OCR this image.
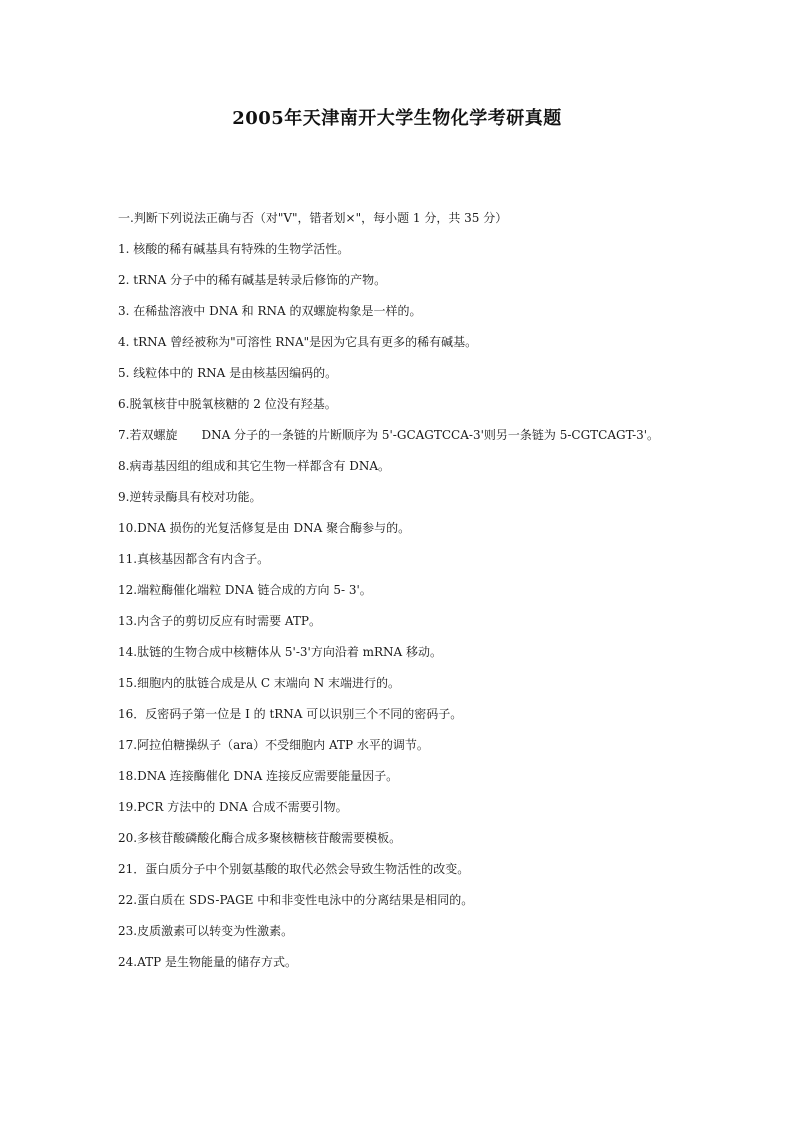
2005年天津南开大学生物化学考研真题
一.判断下列说法正确与否（对"V"，错者划×"，每小题 1 分，共 35 分）
1. 核酸的稀有碱基具有特殊的生物学活性。
2. tRNA 分子中的稀有碱基是转录后修饰的产物。
3. 在稀盐溶液中 DNA 和 RNA 的双螺旋构象是一样的。
4. tRNA 曾经被称为"可溶性 RNA"是因为它具有更多的稀有碱基。
5. 线粒体中的 RNA 是由核基因编码的。
6.脱氧核苷中脱氧核糖的 2 位没有羟基。
7.若双螺旋　　DNA 分子的一条链的片断顺序为 5'-GCAGTCCA-3'则另一条链为 5-CGTCAGT-3'。
8.病毒基因组的组成和其它生物一样都含有 DNA。
9.逆转录酶具有校对功能。
10.DNA 损伤的光复活修复是由 DNA 聚合酶参与的。
11.真核基因都含有内含子。
12.端粒酶催化端粒 DNA 链合成的方向 5- 3'。
13.内含子的剪切反应有时需要 ATP。
14.肽链的生物合成中核糖体从 5'-3'方向沿着 mRNA 移动。
15.细胞内的肽链合成是从 C 末端向 N 末端进行的。
16．反密码子第一位是 I 的 tRNA 可以识别三个不同的密码子。
17.阿拉伯糖操纵子（ara）不受细胞内 ATP 水平的调节。
18.DNA 连接酶催化 DNA 连接反应需要能量因子。
19.PCR 方法中的 DNA 合成不需要引物。
20.多核苷酸磷酸化酶合成多聚核糖核苷酸需要模板。
21．蛋白质分子中个别氨基酸的取代必然会导致生物活性的改变。
22.蛋白质在 SDS-PAGE 中和非变性电泳中的分离结果是相同的。
23.皮质激素可以转变为性激素。
24.ATP 是生物能量的储存方式。
